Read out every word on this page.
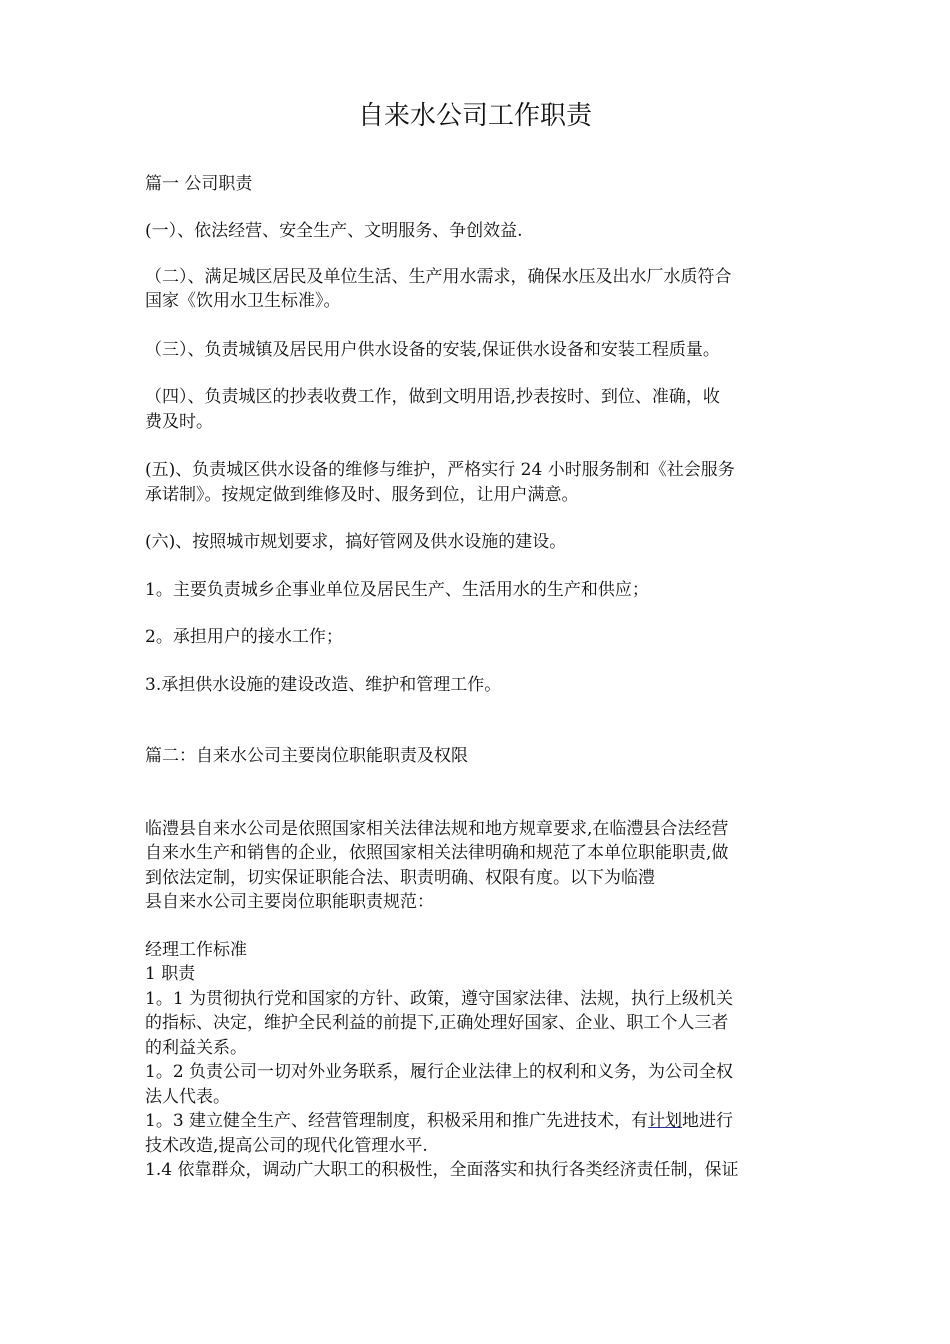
自来水公司工作职责
篇一 公司职责
(一）、依法经营、安全生产、文明服务、争创效益.
（二）、满足城区居民及单位生活、生产用水需求，确保水压及出水厂水质符合
国家《饮用水卫生标准》。
（三）、负责城镇及居民用户供水设备的安装,保证供水设备和安装工程质量。
（四）、负责城区的抄表收费工作，做到文明用语,抄表按时、到位、准确，收
费及时。
(五)、负责城区供水设备的维修与维护，严格实行 24 小时服务制和《社会服务
承诺制》。按规定做到维修及时、服务到位，让用户满意。
(六)、按照城市规划要求，搞好管网及供水设施的建设。
1。主要负责城乡企事业单位及居民生产、生活用水的生产和供应；
2。承担用户的接水工作；
3.承担供水设施的建设改造、维护和管理工作。
篇二：自来水公司主要岗位职能职责及权限
临澧县自来水公司是依照国家相关法律法规和地方规章要求,在临澧县合法经营
自来水生产和销售的企业，依照国家相关法律明确和规范了本单位职能职责,做
到依法定制，切实保证职能合法、职责明确、权限有度。以下为临澧
县自来水公司主要岗位职能职责规范：
经理工作标准
1 职责
1。1 为贯彻执行党和国家的方针、政策，遵守国家法律、法规，执行上级机关
的指标、决定，维护全民利益的前提下,正确处理好国家、企业、职工个人三者
的利益关系。
1。2 负责公司一切对外业务联系，履行企业法律上的权利和义务，为公司全权
法人代表。
1。3 建立健全生产、经营管理制度，积极采用和推广先进技术，有计划地进行
技术改造,提高公司的现代化管理水平.
1.4 依靠群众，调动广大职工的积极性，全面落实和执行各类经济责任制，保证
